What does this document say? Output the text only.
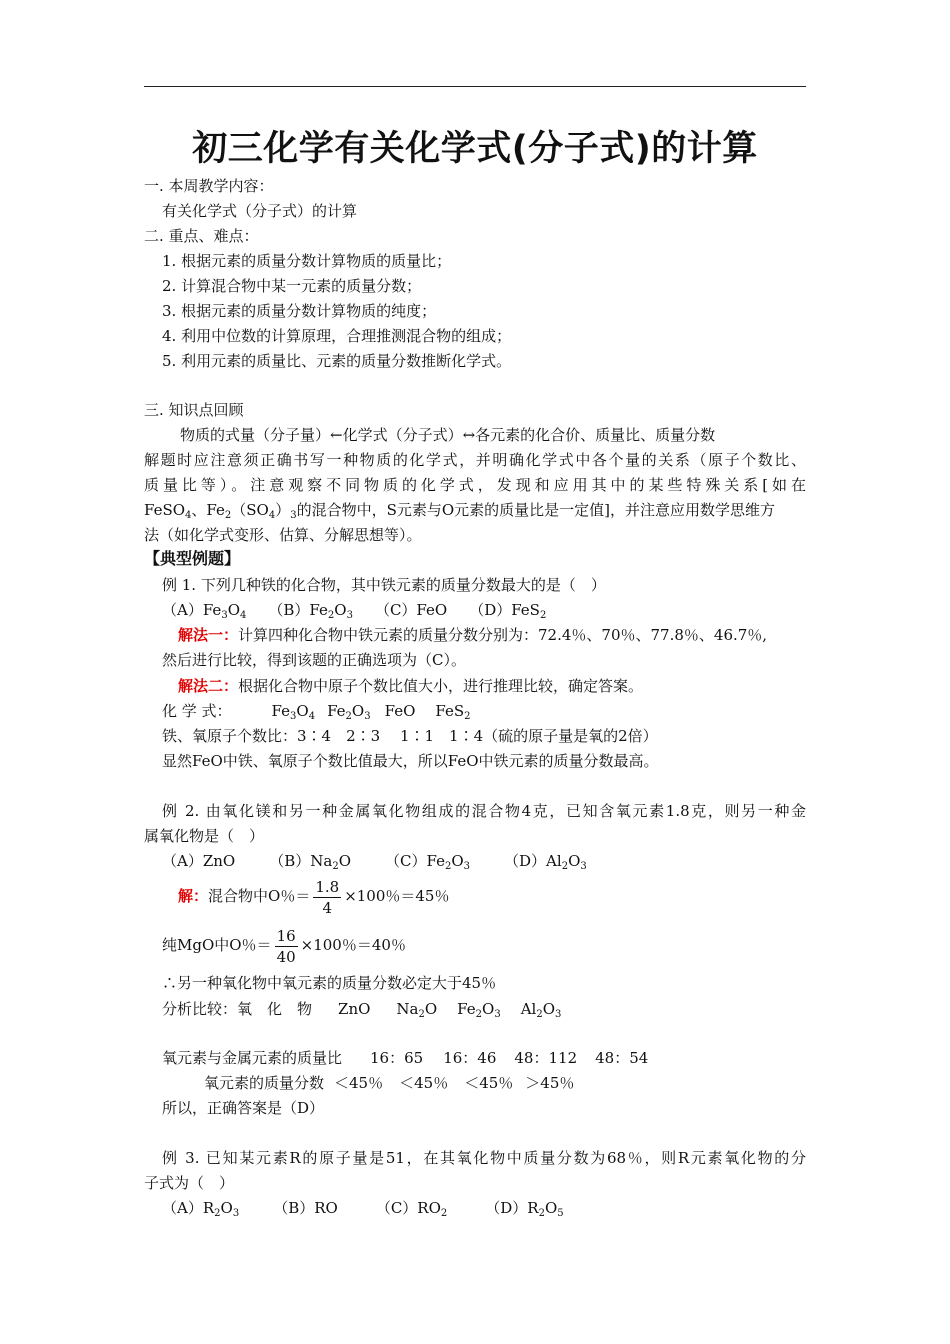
初三化学有关化学式(分子式)的计算
一. 本周教学内容：
有关化学式（分子式）的计算
二. 重点、难点：
1. 根据元素的质量分数计算物质的质量比；
2. 计算混合物中某一元素的质量分数；
3. 根据元素的质量分数计算物质的纯度；
4. 利用中位数的计算原理，合理推测混合物的组成；
5. 利用元素的质量比、元素的质量分数推断化学式。
三. 知识点回顾
物质的式量（分子量）←化学式（分子式）↔各元素的化合价、质量比、质量分数
解题时应注意须正确书写一种物质的化学式，并明确化学式中各个量的关系（原子个数比、
质量比等）。注意观察不同物质的化学式，发现和应用其中的某些特殊关系[如在
FeSO$_4$、$Fe_2(SO_4)_3$的混合物中，S元素与O元素的质量比是一定值]，并注意应用数学思维方
法（如化学式变形、估算、分解思想等）。
【典型例题】
例 1. 下列几种铁的化合物，其中铁元素的质量分数最大的是（　）
$(A)Fe_3O_4$ $(B)Fe_2O_3$ （C）FeO （D）FeS$_2$
解法一：计算四种化合物中铁元素的质量分数分别为：72.4％、70％、77.8％、46.7％,
然后进行比较，得到该题的正确选项为（C）。
解法二：根据化合物中原子个数比值大小，进行推理比较，确定答案。
化 学 式：	$Fe_3O_4$ $Fe_2O_3$ FeO FeS$_2$
铁、氧原子个数比：3∶4　2∶3　 1∶1　1∶4（硫的原子量是氧的2倍）
显然FeO中铁、氧原子个数比值最大，所以FeO中铁元素的质量分数最高。
例 2. 由氧化镁和另一种金属氧化物组成的混合物4克，已知含氧元素1.8克，则另一种金
属氧化物是（　）
（A）ZnO $(B)Na_2O$ $(C)Fe_2O_3$ $(D)Al_2O_3$
解：混合物中O％＝ $\frac{1.8}{4} \times 100$％＝45％
纯MgO中O％＝ $\frac{16}{40} \times 100$％＝40％
∴另一种氧化物中氧元素的质量分数必定大于45％
分析比较：氧　化　物 ZnO $Na_2O$ $Fe_2O_3$ $Al_2O_3$
氧元素与金属元素的质量比 16：65 16：46 48：112 48：54
氧元素的质量分数 ＜45％ ＜45％ ＜45％ ＞45％
所以，正确答案是（D）
例 3. 已知某元素R的原子量是51，在其氧化物中质量分数为68％，则R元素氧化物的分
子式为（　）
$(A)R_2O_3$ （B）RO	$(C)RO_2$	$(D)R_2O_5$
